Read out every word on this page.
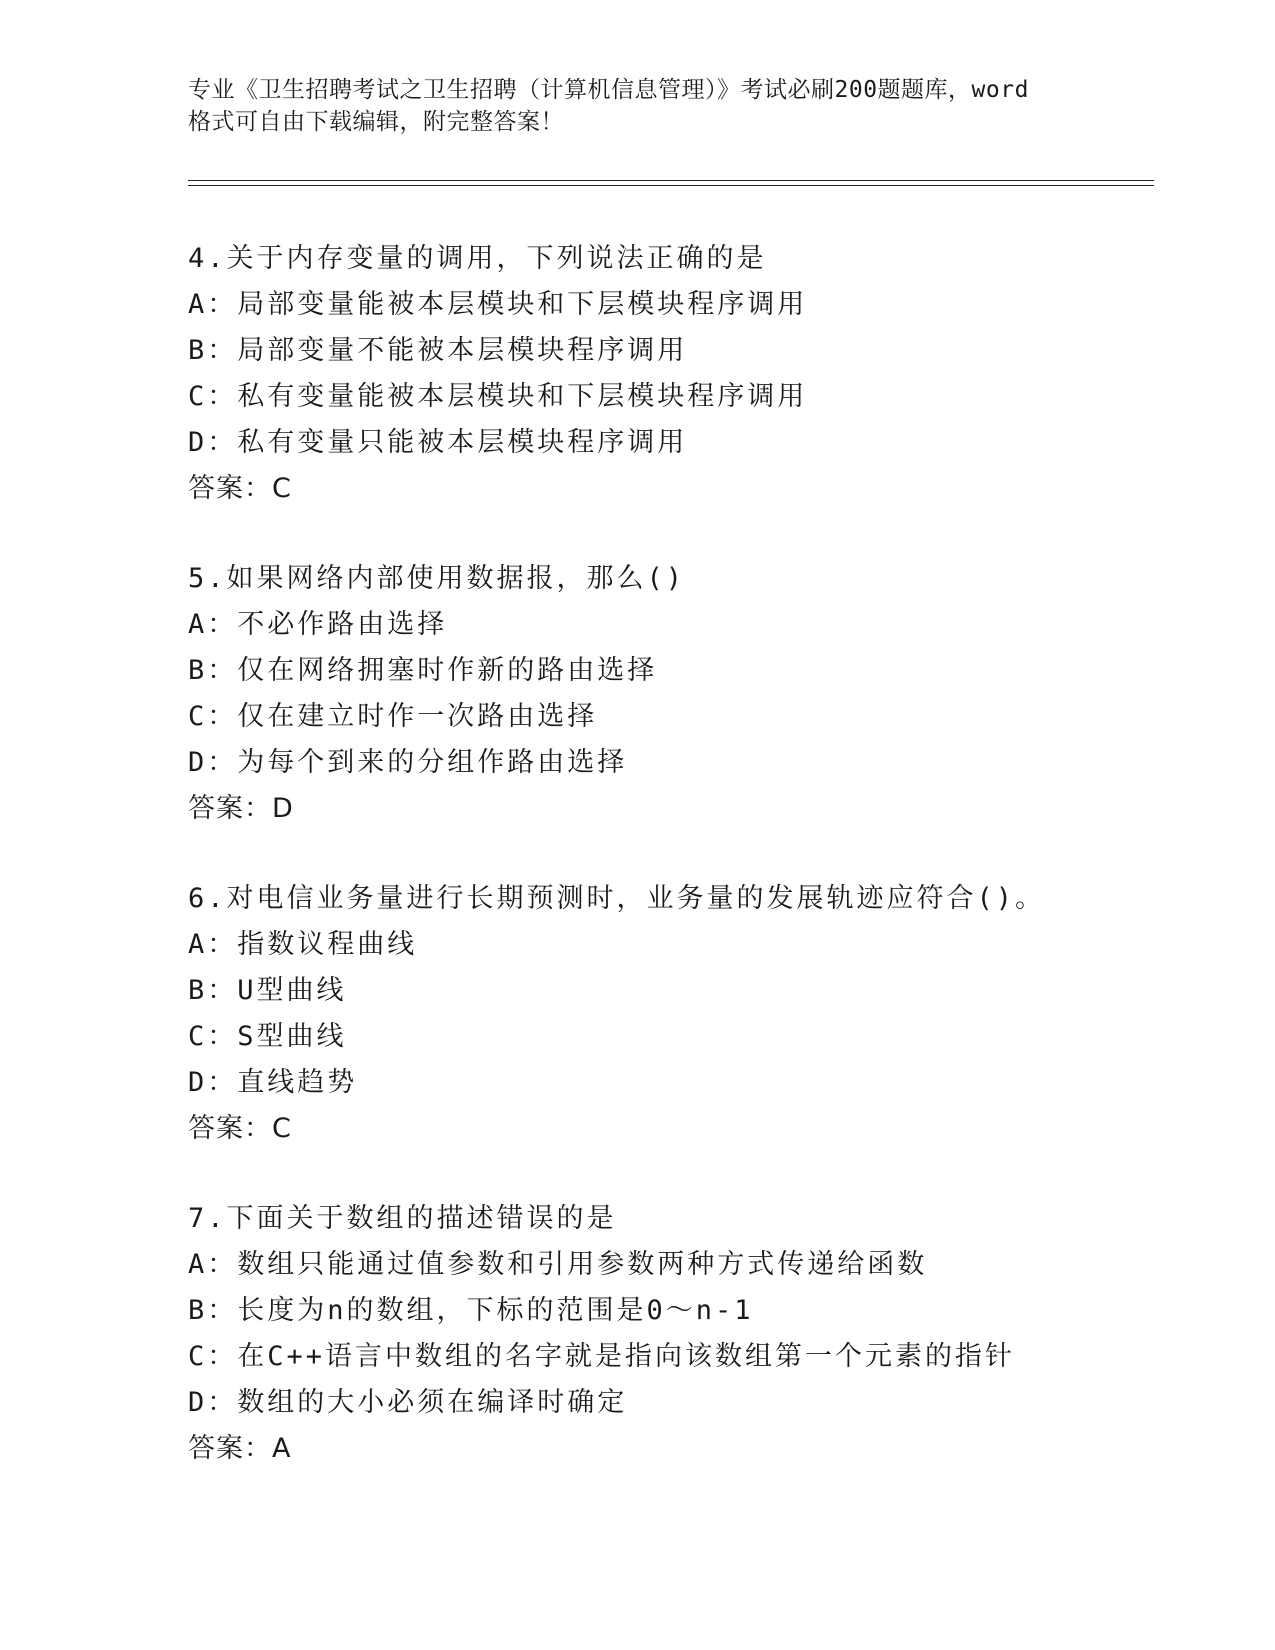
专业《卫生招聘考试之卫生招聘（计算机信息管理）》考试必刷200题题库，word
格式可自由下载编辑，附完整答案！
4.关于内存变量的调用，下列说法正确的是
A：局部变量能被本层模块和下层模块程序调用
B：局部变量不能被本层模块程序调用
C：私有变量能被本层模块和下层模块程序调用
D：私有变量只能被本层模块程序调用
答案：C
5.如果网络内部使用数据报，那么()
A：不必作路由选择
B：仅在网络拥塞时作新的路由选择
C：仅在建立时作一次路由选择
D：为每个到来的分组作路由选择
答案：D
6.对电信业务量进行长期预测时，业务量的发展轨迹应符合()。
A：指数议程曲线
B：U型曲线
C：S型曲线
D：直线趋势
答案：C
7.下面关于数组的描述错误的是
A：数组只能通过值参数和引用参数两种方式传递给函数
B：长度为n的数组，下标的范围是0～n-1
C：在C++语言中数组的名字就是指向该数组第一个元素的指针
D：数组的大小必须在编译时确定
答案：A
